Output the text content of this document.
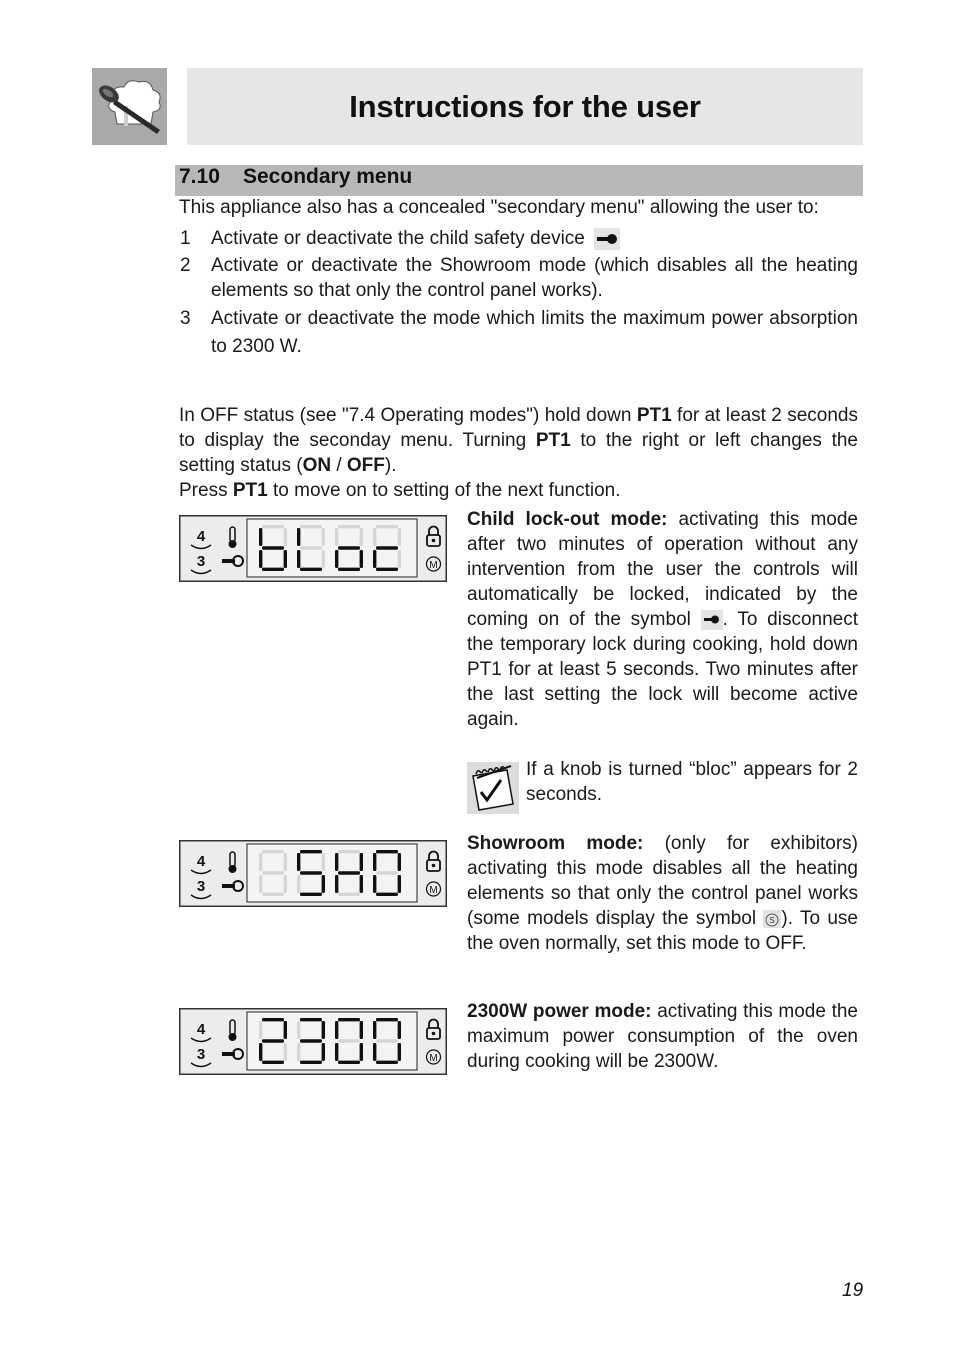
Instructions for the user
7.10 Secondary menu

This appliance also has a concealed "secondary menu" allowing the user to:

1 Activate or deactivate the child safety device
2 Activate or deactivate the Showroom mode (which disables all the heating elements so that only the control panel works).
3 Activate or deactivate the mode which limits the maximum power absorption to 2300 W.

In OFF status (see "7.4 Operating modes") hold down PT1 for at least 2 seconds to display the seconday menu. Turning PT1 to the right or left changes the setting status (ON / OFF).

Press PT1 to move on to setting of the next function.

4
3	M
4
3	M
4
3	M

Child lock-out mode: activating this mode after two minutes of operation without any intervention from the user the controls will automatically be locked, indicated by the coming on of the symbol . To disconnect the temporary lock during cooking, hold down PT1 for at least 5 seconds. Two minutes after the last setting the lock will become active again.

If a knob is turned “bloc” appears for 2 seconds.

Showroom mode: (only for exhibitors) activating this mode disables all the heating elements so that only the control panel works (some models display the symbol S ). To use the oven normally, set this mode to OFF.

2300W power mode: activating this mode the maximum power consumption of the oven during cooking will be 2300W.

19
